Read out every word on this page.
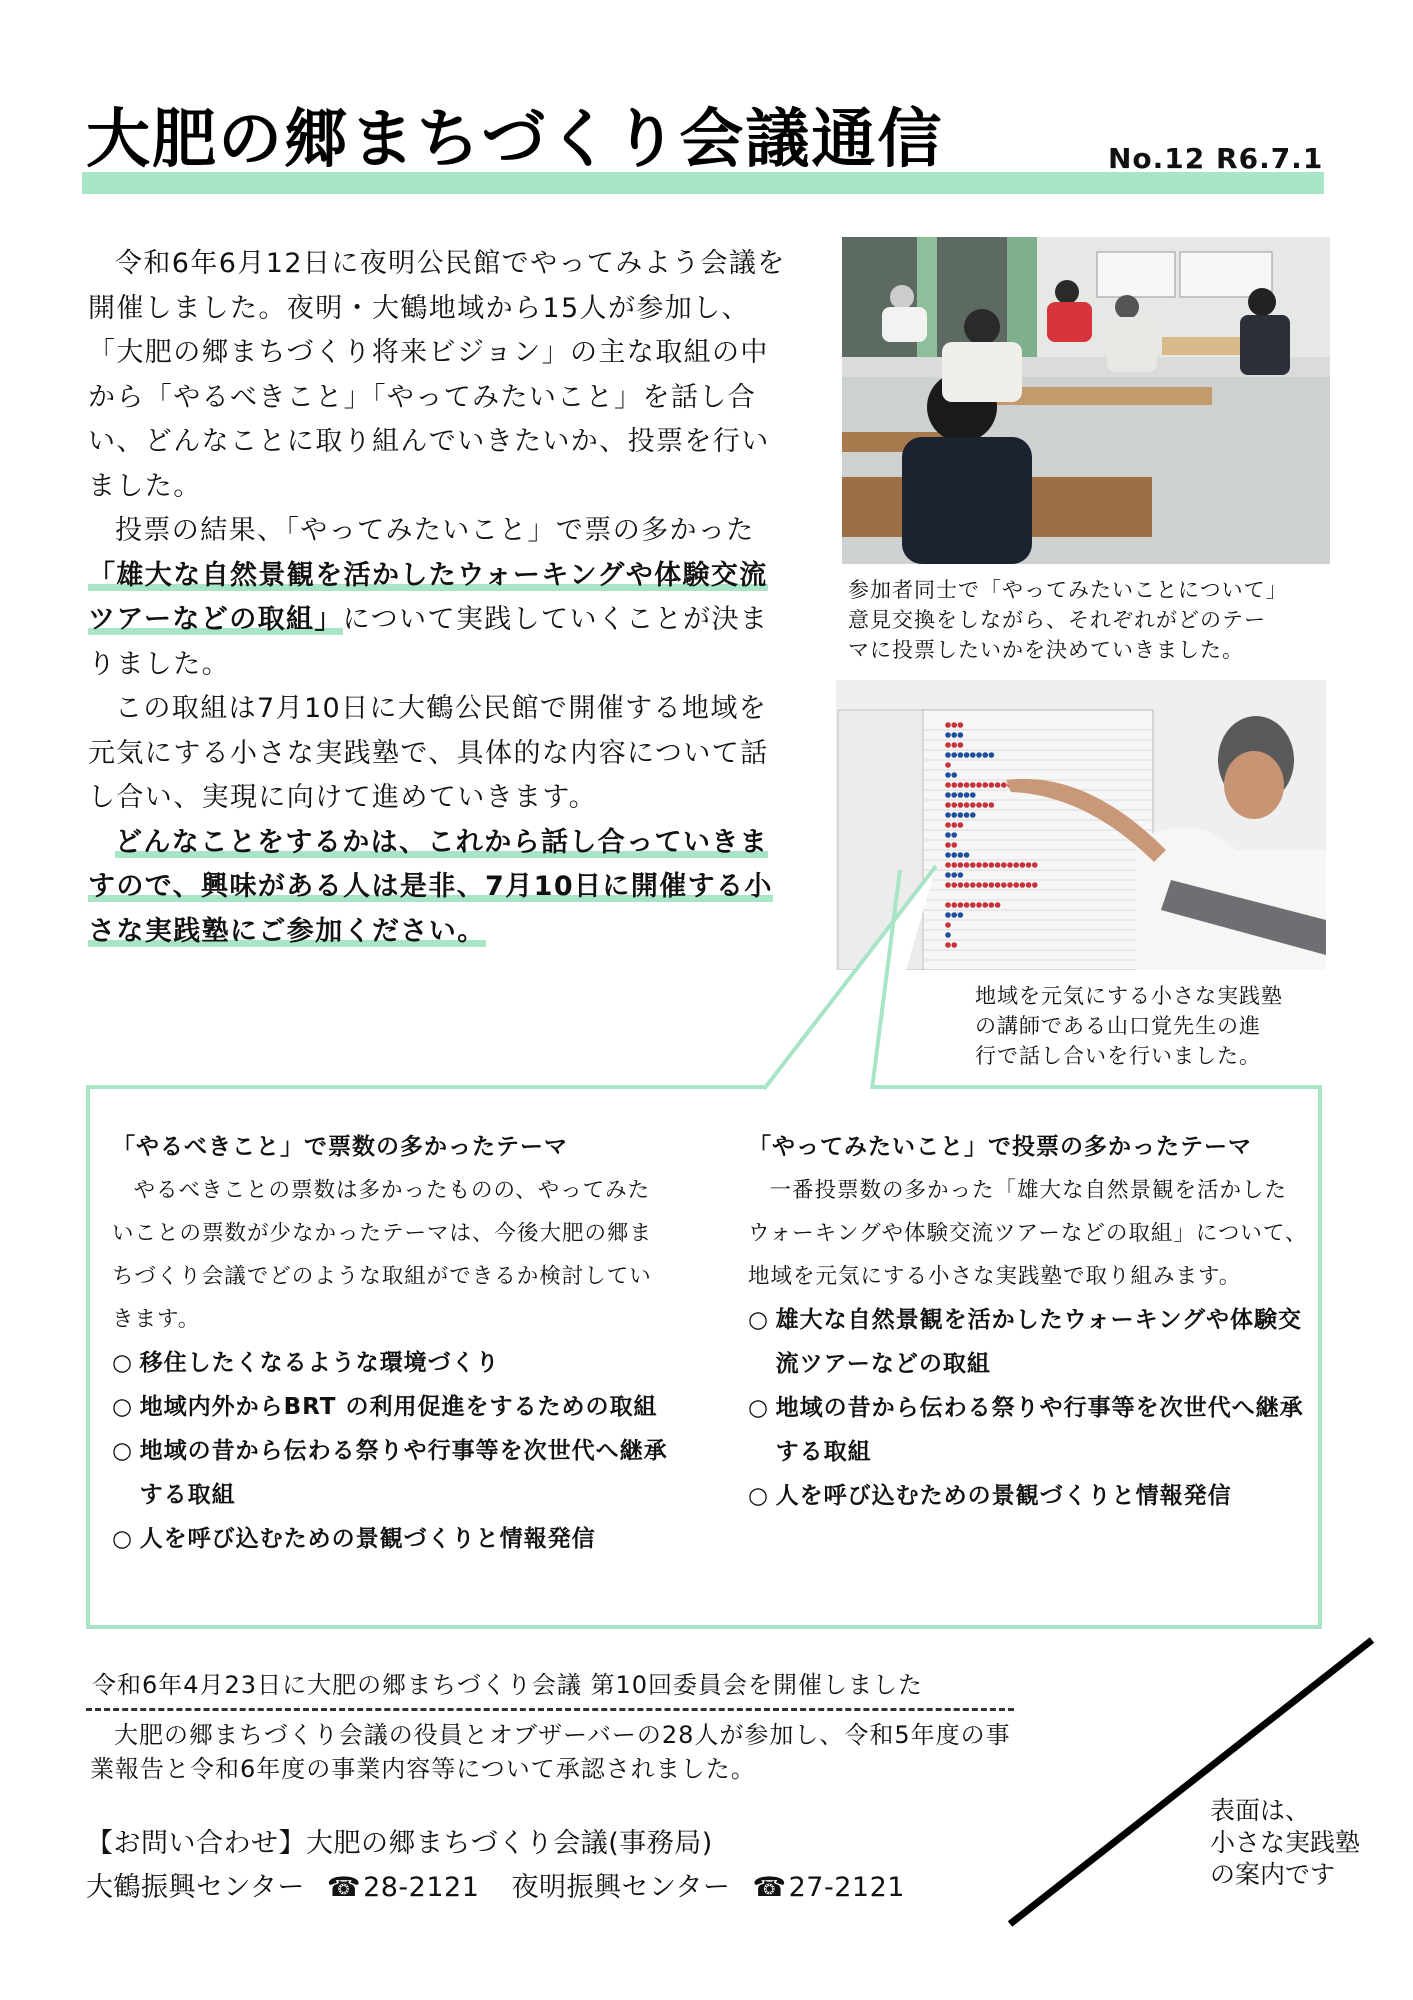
大肥の郷まちづくり会議通信	No.12 R6.7.1

令和6年6月12日に夜明公民館でやってみよう会議を開催しました。夜明・大鶴地域から15人が参加し、「大肥の郷まちづくり将来ビジョン」の主な取組の中から「やるべきこと」「やってみたいこと」を話し合い、どんなことに取り組んでいきたいか、投票を行いました。

投票の結果、「やってみたいこと」で票の多かった「雄大な自然景観を活かしたウォーキングや体験交流ツアーなどの取組」について実践していくことが決まりました。

この取組は7月10日に大鶴公民館で開催する地域を元気にする小さな実践塾で、具体的な内容について話し合い、実現に向けて進めていきます。

どんなことをするかは、これから話し合っていきますので、興味がある人は是非、7月10日に開催する小さな実践塾にご参加ください。

参加者同士で「やってみたいことについて」
意見交換をしながら、それぞれがどのテー
マに投票したいかを決めていきました。
地域を元気にする小さな実践塾
の講師である山口覚先生の進
行で話し合いを行いました。
「やるべきこと」で票数の多かったテーマ

やるべきことの票数は多かったものの、やってみたいことの票数が少なかったテーマは、今後大肥の郷まちづくり会議でどのような取組ができるか検討していきます。

○ 移住したくなるような環境づくり
○ 地域内外からBRT の利用促進をするための取組
○ 地域の昔から伝わる祭りや行事等を次世代へ継承する取組
○ 人を呼び込むための景観づくりと情報発信
「やってみたいこと」で投票の多かったテーマ

一番投票数の多かった「雄大な自然景観を活かしたウォーキングや体験交流ツアーなどの取組」について、地域を元気にする小さな実践塾で取り組みます。

○ 雄大な自然景観を活かしたウォーキングや体験交流ツアーなどの取組
○ 地域の昔から伝わる祭りや行事等を次世代へ継承する取組
○ 人を呼び込むための景観づくりと情報発信
令和6年4月23日に大肥の郷まちづくり会議 第10回委員会を開催しました

大肥の郷まちづくり会議の役員とオブザーバーの28人が参加し、令和5年度の事業報告と令和6年度の事業内容等について承認されました。

【お問い合わせ】大肥の郷まちづくり会議(事務局)
大鶴振興センター ☎28-2121 夜明振興センター ☎27-2121
表面は、
小さな実践塾
の案内です
